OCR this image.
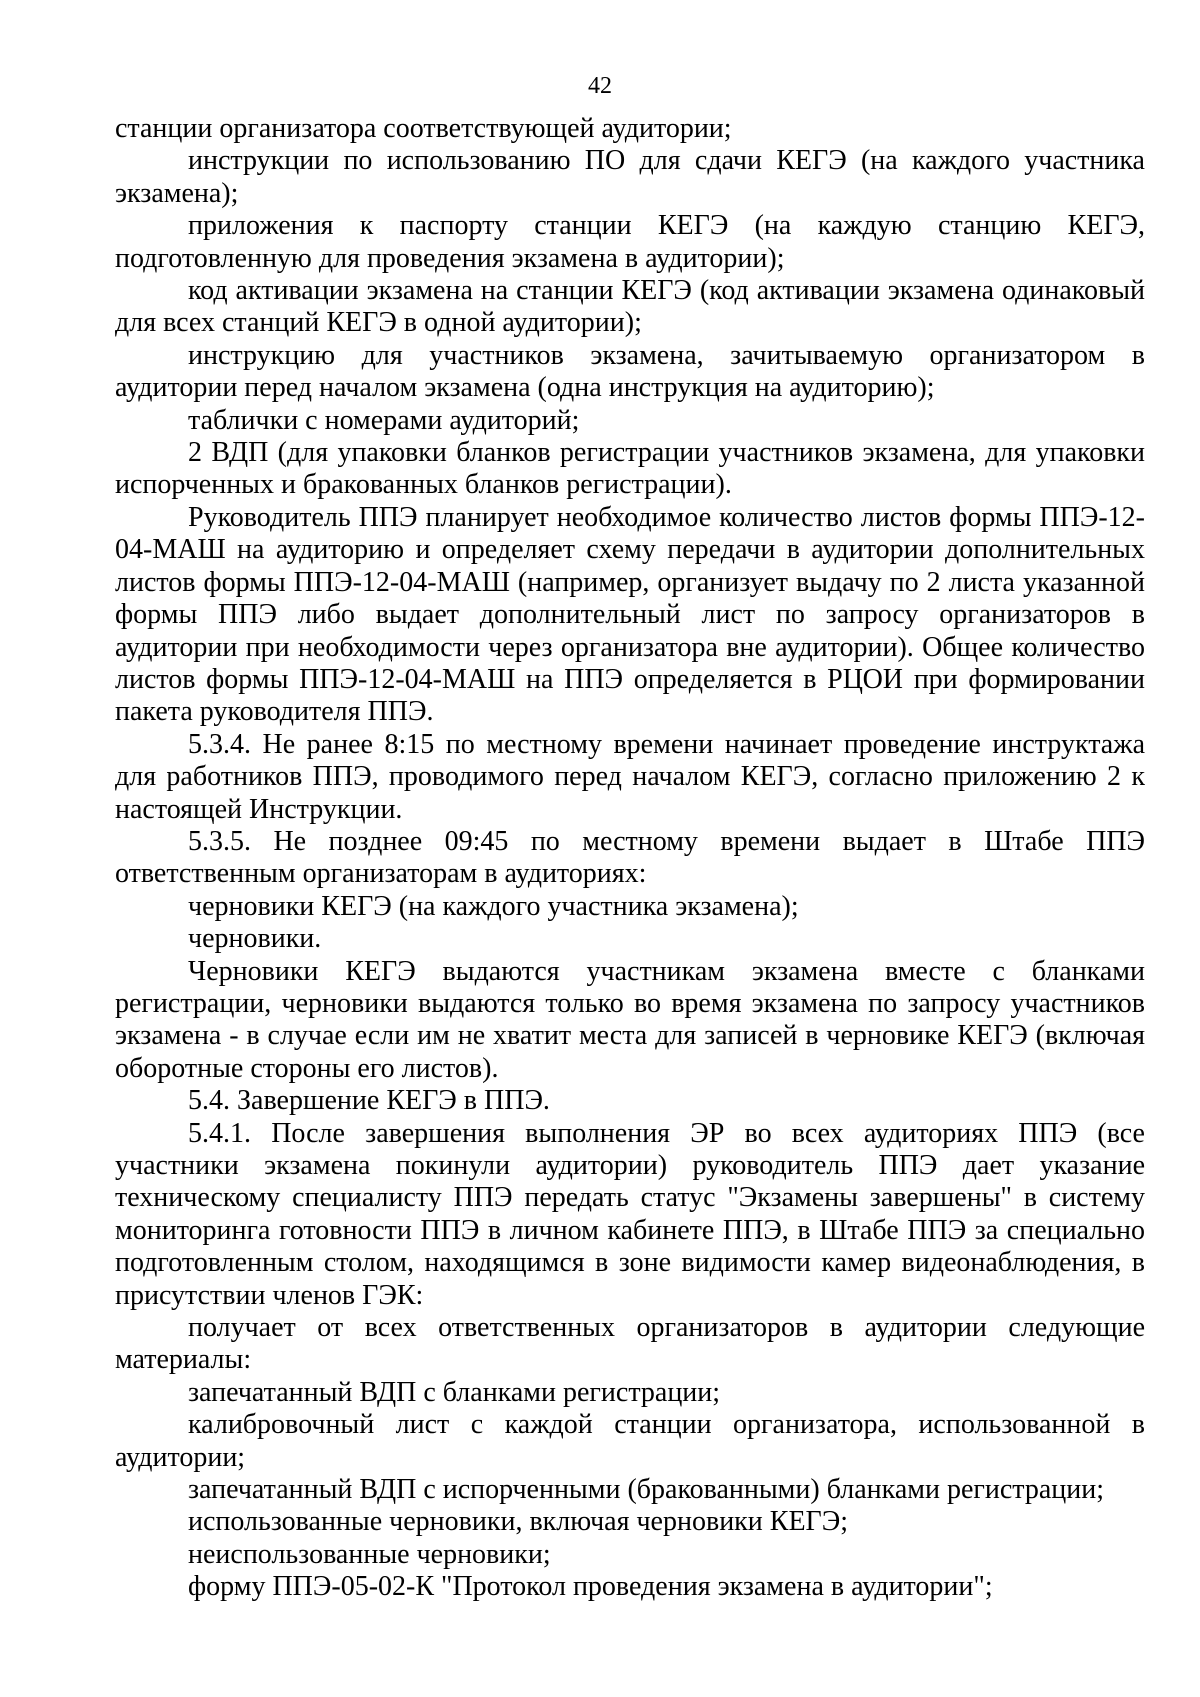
42

станции организатора соответствующей аудитории;

инструкции по использованию ПО для сдачи КЕГЭ (на каждого участника экзамена);

приложения к паспорту станции КЕГЭ (на каждую станцию КЕГЭ, подготовленную для проведения экзамена в аудитории);

код активации экзамена на станции КЕГЭ (код активации экзамена одинаковый для всех станций КЕГЭ в одной аудитории);

инструкцию для участников экзамена, зачитываемую организатором в аудитории перед началом экзамена (одна инструкция на аудиторию);

таблички с номерами аудиторий;

2 ВДП (для упаковки бланков регистрации участников экзамена, для упаковки испорченных и бракованных бланков регистрации).

Руководитель ППЭ планирует необходимое количество листов формы ППЭ-12-04-МАШ на аудиторию и определяет схему передачи в аудитории дополнительных листов формы ППЭ-12-04-МАШ (например, организует выдачу по 2 листа указанной формы ППЭ либо выдает дополнительный лист по запросу организаторов в аудитории при необходимости через организатора вне аудитории). Общее количество листов формы ППЭ-12-04-МАШ на ППЭ определяется в РЦОИ при формировании пакета руководителя ППЭ.

5.3.4. Не ранее 8:15 по местному времени начинает проведение инструктажа для работников ППЭ, проводимого перед началом КЕГЭ, согласно приложению 2 к настоящей Инструкции.

5.3.5. Не позднее 09:45 по местному времени выдает в Штабе ППЭ ответственным организаторам в аудиториях:

черновики КЕГЭ (на каждого участника экзамена);

черновики.

Черновики КЕГЭ выдаются участникам экзамена вместе с бланками регистрации, черновики выдаются только во время экзамена по запросу участников экзамена - в случае если им не хватит места для записей в черновике КЕГЭ (включая оборотные стороны его листов).

5.4. Завершение КЕГЭ в ППЭ.

5.4.1. После завершения выполнения ЭР во всех аудиториях ППЭ (все участники экзамена покинули аудитории) руководитель ППЭ дает указание техническому специалисту ППЭ передать статус "Экзамены завершены" в систему мониторинга готовности ППЭ в личном кабинете ППЭ, в Штабе ППЭ за специально подготовленным столом, находящимся в зоне видимости камер видеонаблюдения, в присутствии членов ГЭК:

получает от всех ответственных организаторов в аудитории следующие материалы:

запечатанный ВДП с бланками регистрации;

калибровочный лист с каждой станции организатора, использованной в аудитории;

запечатанный ВДП с испорченными (бракованными) бланками регистрации;

использованные черновики, включая черновики КЕГЭ;

неиспользованные черновики;

форму ППЭ-05-02-К "Протокол проведения экзамена в аудитории";
